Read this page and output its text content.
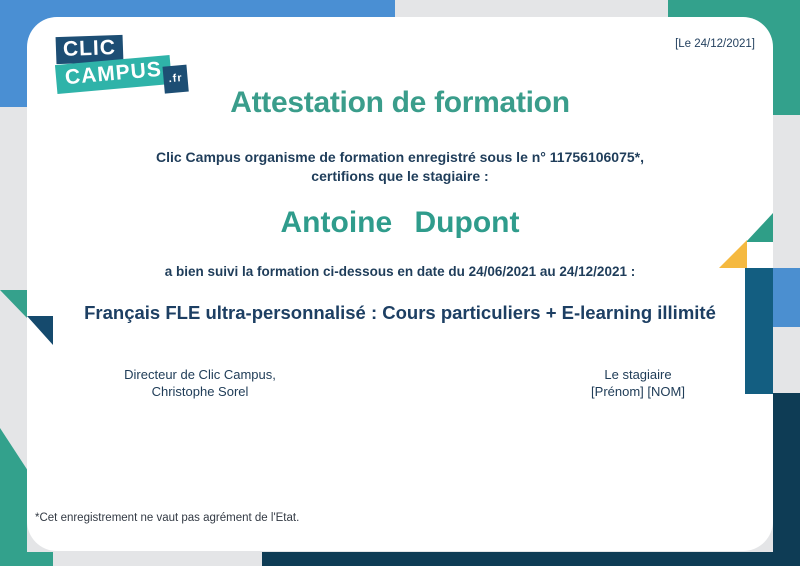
CLIC
CAMPUS .fr
[Le 24/12/2021]
Attestation de formation
Clic Campus organisme de formation enregistré sous le n° 11756106075*,
certifions que le stagiaire :
Antoine Dupont
a bien suivi la formation ci-dessous en date du 24/06/2021 au 24/12/2021 :
Français FLE ultra-personnalisé : Cours particuliers + E-learning illimité
Directeur de Clic Campus,
Christophe Sorel
Le stagiaire
[Prénom] [NOM]
*Cet enregistrement ne vaut pas agrément de l'Etat.
